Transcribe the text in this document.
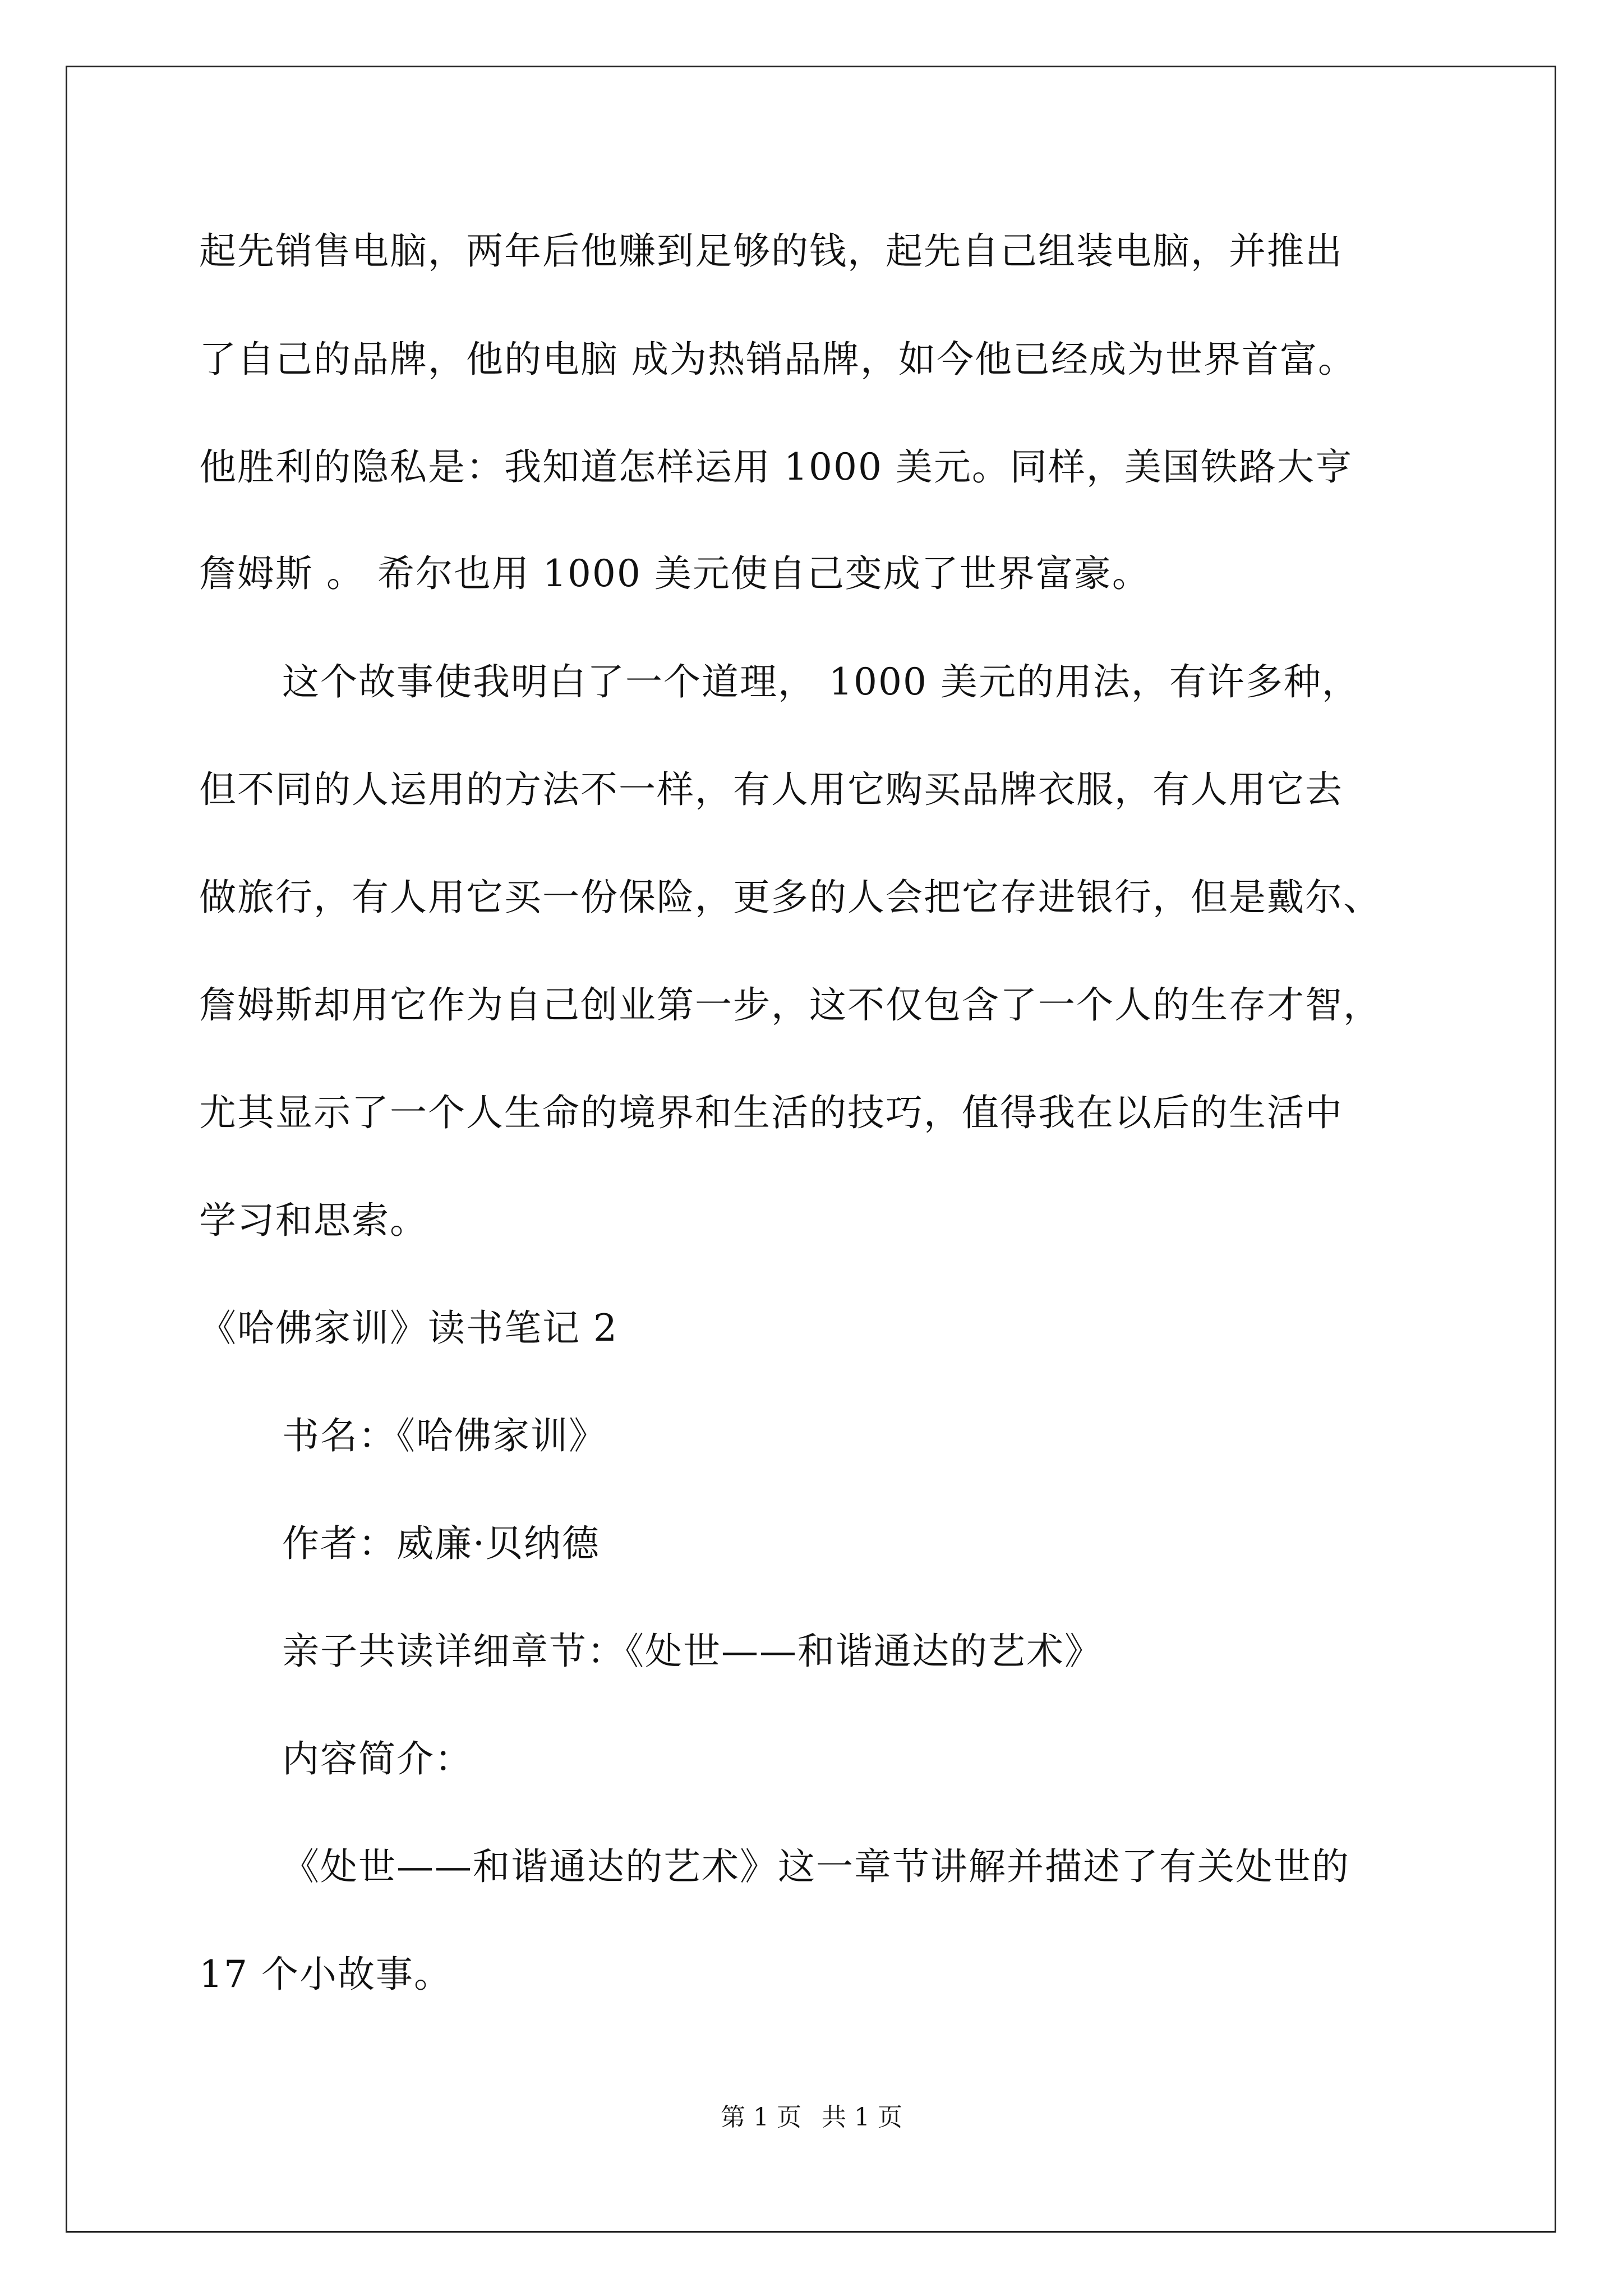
起先销售电脑，两年后他赚到足够的钱，起先自己组装电脑，并推出
了自己的品牌，他的电脑 成为热销品牌，如今他已经成为世界首富。
他胜利的隐私是：我知道怎样运用 1000 美元。同样，美国铁路大亨
詹姆斯 。 希尔也用 1000 美元使自己变成了世界富豪。
这个故事使我明白了一个道理， 1000 美元的用法，有许多种，
但不同的人运用的方法不一样，有人用它购买品牌衣服，有人用它去
做旅行，有人用它买一份保险，更多的人会把它存进银行，但是戴尔、
詹姆斯却用它作为自己创业第一步，这不仅包含了一个人的生存才智，
尤其显示了一个人生命的境界和生活的技巧，值得我在以后的生活中
学习和思索。
《哈佛家训》读书笔记 2
书名：《哈佛家训》
作者：威廉·贝纳德
亲子共读详细章节：《处世——和谐通达的艺术》
内容简介：
《处世——和谐通达的艺术》这一章节讲解并描述了有关处世的
17 个小故事。
第 1 页 共 1 页
